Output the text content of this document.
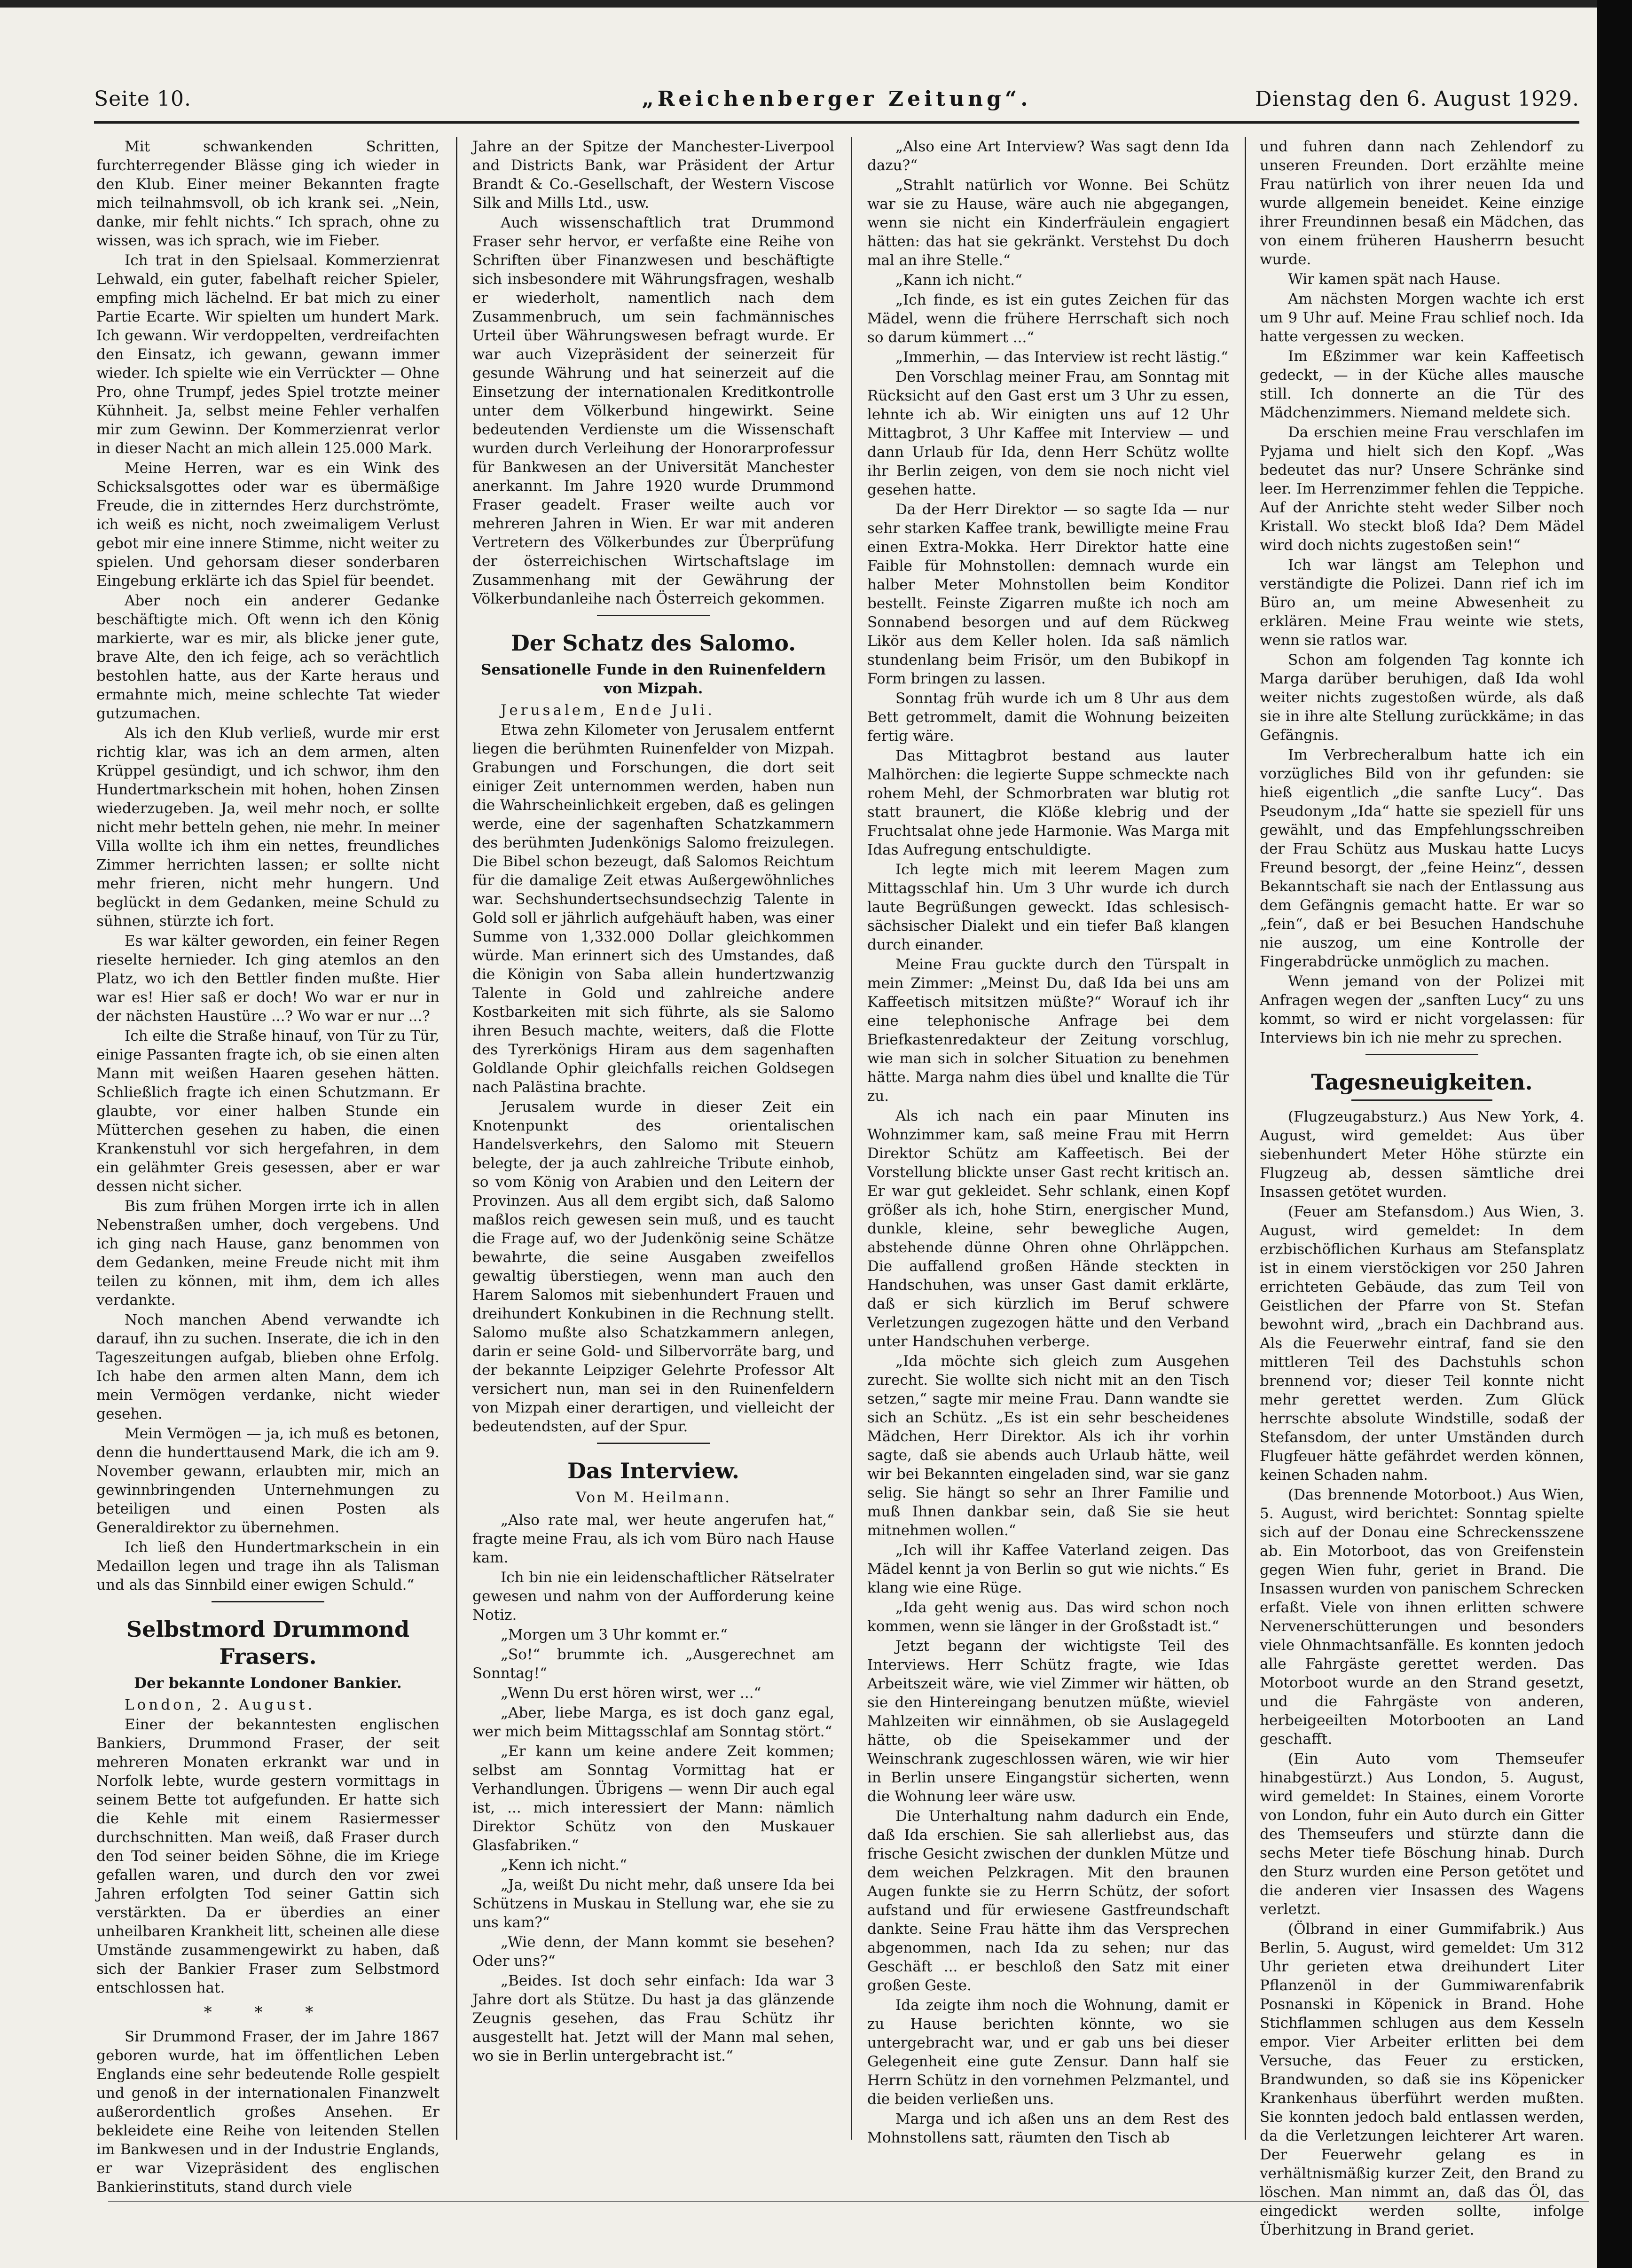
Seite 10.	„Reichenberger Zeitung“.	Dienstag den 6. August 1929.

Mit schwankenden Schritten, furchterregender Blässe ging ich wieder in den Klub. Einer meiner Bekannten fragte mich teilnahmsvoll, ob ich krank sei. „Nein, danke, mir fehlt nichts.“ Ich sprach, ohne zu wissen, was ich sprach, wie im Fieber.

Ich trat in den Spielsaal. Kommerzienrat Lehwald, ein guter, fabelhaft reicher Spieler, empfing mich lächelnd. Er bat mich zu einer Partie Ecarte. Wir spielten um hundert Mark. Ich gewann. Wir verdoppelten, verdreifachten den Einsatz, ich gewann, gewann immer wieder. Ich spielte wie ein Verrückter — Ohne Pro, ohne Trumpf, jedes Spiel trotzte meiner Kühnheit. Ja, selbst meine Fehler verhalfen mir zum Gewinn. Der Kommerzienrat verlor in dieser Nacht an mich allein 125.000 Mark.

Meine Herren, war es ein Wink des Schicksalsgottes oder war es übermäßige Freude, die in zitterndes Herz durchströmte, ich weiß es nicht, noch zweimaligem Verlust gebot mir eine innere Stimme, nicht weiter zu spielen. Und gehorsam dieser sonderbaren Eingebung erklärte ich das Spiel für beendet.

Aber noch ein anderer Gedanke beschäftigte mich. Oft wenn ich den König markierte, war es mir, als blicke jener gute, brave Alte, den ich feige, ach so verächtlich bestohlen hatte, aus der Karte heraus und ermahnte mich, meine schlechte Tat wieder gutzumachen.

Als ich den Klub verließ, wurde mir erst richtig klar, was ich an dem armen, alten Krüppel gesündigt, und ich schwor, ihm den Hundertmarkschein mit hohen, hohen Zinsen wiederzugeben. Ja, weil mehr noch, er sollte nicht mehr betteln gehen, nie mehr. In meiner Villa wollte ich ihm ein nettes, freundliches Zimmer herrichten lassen; er sollte nicht mehr frieren, nicht mehr hungern. Und beglückt in dem Gedanken, meine Schuld zu sühnen, stürzte ich fort.

Es war kälter geworden, ein feiner Regen rieselte hernieder. Ich ging atemlos an den Platz, wo ich den Bettler finden mußte. Hier war es! Hier saß er doch! Wo war er nur in der nächsten Haustüre ...? Wo war er nur ...?

Ich eilte die Straße hinauf, von Tür zu Tür, einige Passanten fragte ich, ob sie einen alten Mann mit weißen Haaren gesehen hätten. Schließlich fragte ich einen Schutzmann. Er glaubte, vor einer halben Stunde ein Mütterchen gesehen zu haben, die einen Krankenstuhl vor sich hergefahren, in dem ein gelähmter Greis gesessen, aber er war dessen nicht sicher.

Bis zum frühen Morgen irrte ich in allen Nebenstraßen umher, doch vergebens. Und ich ging nach Hause, ganz benommen von dem Gedanken, meine Freude nicht mit ihm teilen zu können, mit ihm, dem ich alles verdankte.

Noch manchen Abend verwandte ich darauf, ihn zu suchen. Inserate, die ich in den Tageszeitungen aufgab, blieben ohne Erfolg. Ich habe den armen alten Mann, dem ich mein Vermögen verdanke, nicht wieder gesehen.

Mein Vermögen — ja, ich muß es betonen, denn die hunderttausend Mark, die ich am 9. November gewann, erlaubten mir, mich an gewinnbringenden Unternehmungen zu beteiligen und einen Posten als Generaldirektor zu übernehmen.

Ich ließ den Hundertmarkschein in ein Medaillon legen und trage ihn als Talisman und als das Sinnbild einer ewigen Schuld.“

Selbstmord Drummond Frasers.
Der bekannte Londoner Bankier.

London, 2. August.

Einer der bekanntesten englischen Bankiers, Drummond Fraser, der seit mehreren Monaten erkrankt war und in Norfolk lebte, wurde gestern vormittags in seinem Bette tot aufgefunden. Er hatte sich die Kehle mit einem Rasiermesser durchschnitten. Man weiß, daß Fraser durch den Tod seiner beiden Söhne, die im Kriege gefallen waren, und durch den vor zwei Jahren erfolgten Tod seiner Gattin sich verstärkten. Da er überdies an einer unheilbaren Krankheit litt, scheinen alle diese Umstände zusammengewirkt zu haben, daß sich der Bankier Fraser zum Selbstmord entschlossen hat.

* * *

Sir Drummond Fraser, der im Jahre 1867 geboren wurde, hat im öffentlichen Leben Englands eine sehr bedeutende Rolle gespielt und genoß in der internationalen Finanzwelt außerordentlich großes Ansehen. Er bekleidete eine Reihe von leitenden Stellen im Bankwesen und in der Industrie Englands, er war Vizepräsident des englischen Bankierinstituts, stand durch viele

Jahre an der Spitze der Manchester-Liverpool and Districts Bank, war Präsident der Artur Brandt & Co.-Gesellschaft, der Western Viscose Silk and Mills Ltd., usw.

Auch wissenschaftlich trat Drummond Fraser sehr hervor, er verfaßte eine Reihe von Schriften über Finanzwesen und beschäftigte sich insbesondere mit Währungsfragen, weshalb er wiederholt, namentlich nach dem Zusammenbruch, um sein fachmännisches Urteil über Währungswesen befragt wurde. Er war auch Vizepräsident der seinerzeit für gesunde Währung und hat seinerzeit auf die Einsetzung der internationalen Kreditkontrolle unter dem Völkerbund hingewirkt. Seine bedeutenden Verdienste um die Wissenschaft wurden durch Verleihung der Honorarprofessur für Bankwesen an der Universität Manchester anerkannt. Im Jahre 1920 wurde Drummond Fraser geadelt. Fraser weilte auch vor mehreren Jahren in Wien. Er war mit anderen Vertretern des Völkerbundes zur Überprüfung der österreichischen Wirtschaftslage im Zusammenhang mit der Gewährung der Völkerbundanleihe nach Österreich gekommen.

Der Schatz des Salomo.
Sensationelle Funde in den Ruinenfeldern von Mizpah.

Jerusalem, Ende Juli.

Etwa zehn Kilometer von Jerusalem entfernt liegen die berühmten Ruinenfelder von Mizpah. Grabungen und Forschungen, die dort seit einiger Zeit unternommen werden, haben nun die Wahrscheinlichkeit ergeben, daß es gelingen werde, eine der sagenhaften Schatzkammern des berühmten Judenkönigs Salomo freizulegen. Die Bibel schon bezeugt, daß Salomos Reichtum für die damalige Zeit etwas Außergewöhnliches war. Sechshundertsechsundsechzig Talente in Gold soll er jährlich aufgehäuft haben, was einer Summe von 1,332.000 Dollar gleichkommen würde. Man erinnert sich des Umstandes, daß die Königin von Saba allein hundertzwanzig Talente in Gold und zahlreiche andere Kostbarkeiten mit sich führte, als sie Salomo ihren Besuch machte, weiters, daß die Flotte des Tyrerkönigs Hiram aus dem sagenhaften Goldlande Ophir gleichfalls reichen Goldsegen nach Palästina brachte.

Jerusalem wurde in dieser Zeit ein Knotenpunkt des orientalischen Handelsverkehrs, den Salomo mit Steuern belegte, der ja auch zahlreiche Tribute einhob, so vom König von Arabien und den Leitern der Provinzen. Aus all dem ergibt sich, daß Salomo maßlos reich gewesen sein muß, und es taucht die Frage auf, wo der Judenkönig seine Schätze bewahrte, die seine Ausgaben zweifellos gewaltig überstiegen, wenn man auch den Harem Salomos mit siebenhundert Frauen und dreihundert Konkubinen in die Rechnung stellt. Salomo mußte also Schatzkammern anlegen, darin er seine Gold- und Silbervorräte barg, und der bekannte Leipziger Gelehrte Professor Alt versichert nun, man sei in den Ruinenfeldern von Mizpah einer derartigen, und vielleicht der bedeutendsten, auf der Spur.

Das Interview.
Von M. Heilmann.

„Also rate mal, wer heute angerufen hat,“ fragte meine Frau, als ich vom Büro nach Hause kam.

Ich bin nie ein leidenschaftlicher Rätselrater gewesen und nahm von der Aufforderung keine Notiz.

„Morgen um 3 Uhr kommt er.“

„So!“ brummte ich. „Ausgerechnet am Sonntag!“

„Wenn Du erst hören wirst, wer ...“

„Aber, liebe Marga, es ist doch ganz egal, wer mich beim Mittagsschlaf am Sonntag stört.“

„Er kann um keine andere Zeit kommen; selbst am Sonntag Vormittag hat er Verhandlungen. Übrigens — wenn Dir auch egal ist, ... mich interessiert der Mann: nämlich Direktor Schütz von den Muskauer Glasfabriken.“

„Kenn ich nicht.“

„Ja, weißt Du nicht mehr, daß unsere Ida bei Schützens in Muskau in Stellung war, ehe sie zu uns kam?“

„Wie denn, der Mann kommt sie besehen? Oder uns?“

„Beides. Ist doch sehr einfach: Ida war 3 Jahre dort als Stütze. Du hast ja das glänzende Zeugnis gesehen, das Frau Schütz ihr ausgestellt hat. Jetzt will der Mann mal sehen, wo sie in Berlin untergebracht ist.“

„Also eine Art Interview? Was sagt denn Ida dazu?“

„Strahlt natürlich vor Wonne. Bei Schütz war sie zu Hause, wäre auch nie abgegangen, wenn sie nicht ein Kinderfräulein engagiert hätten: das hat sie gekränkt. Verstehst Du doch mal an ihre Stelle.“

„Kann ich nicht.“

„Ich finde, es ist ein gutes Zeichen für das Mädel, wenn die frühere Herrschaft sich noch so darum kümmert ...“

„Immerhin, — das Interview ist recht lästig.“

Den Vorschlag meiner Frau, am Sonntag mit Rücksicht auf den Gast erst um 3 Uhr zu essen, lehnte ich ab. Wir einigten uns auf 12 Uhr Mittagbrot, 3 Uhr Kaffee mit Interview — und dann Urlaub für Ida, denn Herr Schütz wollte ihr Berlin zeigen, von dem sie noch nicht viel gesehen hatte.

Da der Herr Direktor — so sagte Ida — nur sehr starken Kaffee trank, bewilligte meine Frau einen Extra-Mokka. Herr Direktor hatte eine Faible für Mohnstollen: demnach wurde ein halber Meter Mohnstollen beim Konditor bestellt. Feinste Zigarren mußte ich noch am Sonnabend besorgen und auf dem Rückweg Likör aus dem Keller holen. Ida saß nämlich stundenlang beim Frisör, um den Bubikopf in Form bringen zu lassen.

Sonntag früh wurde ich um 8 Uhr aus dem Bett getrommelt, damit die Wohnung beizeiten fertig wäre.

Das Mittagbrot bestand aus lauter Malhörchen: die legierte Suppe schmeckte nach rohem Mehl, der Schmorbraten war blutig rot statt braunert, die Klöße klebrig und der Fruchtsalat ohne jede Harmonie. Was Marga mit Idas Aufregung entschuldigte.

Ich legte mich mit leerem Magen zum Mittagsschlaf hin. Um 3 Uhr wurde ich durch laute Begrüßungen geweckt. Idas schlesisch-sächsischer Dialekt und ein tiefer Baß klangen durch einander.

Meine Frau guckte durch den Türspalt in mein Zimmer: „Meinst Du, daß Ida bei uns am Kaffeetisch mitsitzen müßte?“ Worauf ich ihr eine telephonische Anfrage bei dem Briefkastenredakteur der Zeitung vorschlug, wie man sich in solcher Situation zu benehmen hätte. Marga nahm dies übel und knallte die Tür zu.

Als ich nach ein paar Minuten ins Wohnzimmer kam, saß meine Frau mit Herrn Direktor Schütz am Kaffeetisch. Bei der Vorstellung blickte unser Gast recht kritisch an. Er war gut gekleidet. Sehr schlank, einen Kopf größer als ich, hohe Stirn, energischer Mund, dunkle, kleine, sehr bewegliche Augen, abstehende dünne Ohren ohne Ohrläppchen. Die auffallend großen Hände steckten in Handschuhen, was unser Gast damit erklärte, daß er sich kürzlich im Beruf schwere Verletzungen zugezogen hätte und den Verband unter Handschuhen verberge.

„Ida möchte sich gleich zum Ausgehen zurecht. Sie wollte sich nicht mit an den Tisch setzen,“ sagte mir meine Frau. Dann wandte sie sich an Schütz. „Es ist ein sehr bescheidenes Mädchen, Herr Direktor. Als ich ihr vorhin sagte, daß sie abends auch Urlaub hätte, weil wir bei Bekannten eingeladen sind, war sie ganz selig. Sie hängt so sehr an Ihrer Familie und muß Ihnen dankbar sein, daß Sie sie heut mitnehmen wollen.“

„Ich will ihr Kaffee Vaterland zeigen. Das Mädel kennt ja von Berlin so gut wie nichts.“ Es klang wie eine Rüge.

„Ida geht wenig aus. Das wird schon noch kommen, wenn sie länger in der Großstadt ist.“

Jetzt begann der wichtigste Teil des Interviews. Herr Schütz fragte, wie Idas Arbeitszeit wäre, wie viel Zimmer wir hätten, ob sie den Hintereingang benutzen müßte, wieviel Mahlzeiten wir einnähmen, ob sie Auslagegeld hätte, ob die Speisekammer und der Weinschrank zugeschlossen wären, wie wir hier in Berlin unsere Eingangstür sicherten, wenn die Wohnung leer wäre usw.

Die Unterhaltung nahm dadurch ein Ende, daß Ida erschien. Sie sah allerliebst aus, das frische Gesicht zwischen der dunklen Mütze und dem weichen Pelzkragen. Mit den braunen Augen funkte sie zu Herrn Schütz, der sofort aufstand und für erwiesene Gastfreundschaft dankte. Seine Frau hätte ihm das Versprechen abgenommen, nach Ida zu sehen; nur das Geschäft ... er beschloß den Satz mit einer großen Geste.

Ida zeigte ihm noch die Wohnung, damit er zu Hause berichten könnte, wo sie untergebracht war, und er gab uns bei dieser Gelegenheit eine gute Zensur. Dann half sie Herrn Schütz in den vornehmen Pelzmantel, und die beiden verließen uns.

Marga und ich aßen uns an dem Rest des Mohnstollens satt, räumten den Tisch ab

und fuhren dann nach Zehlendorf zu unseren Freunden. Dort erzählte meine Frau natürlich von ihrer neuen Ida und wurde allgemein beneidet. Keine einzige ihrer Freundinnen besaß ein Mädchen, das von einem früheren Hausherrn besucht wurde.

Wir kamen spät nach Hause.

Am nächsten Morgen wachte ich erst um 9 Uhr auf. Meine Frau schlief noch. Ida hatte vergessen zu wecken.

Im Eßzimmer war kein Kaffeetisch gedeckt, — in der Küche alles mausche still. Ich donnerte an die Tür des Mädchenzimmers. Niemand meldete sich.

Da erschien meine Frau verschlafen im Pyjama und hielt sich den Kopf. „Was bedeutet das nur? Unsere Schränke sind leer. Im Herrenzimmer fehlen die Teppiche. Auf der Anrichte steht weder Silber noch Kristall. Wo steckt bloß Ida? Dem Mädel wird doch nichts zugestoßen sein!“

Ich war längst am Telephon und verständigte die Polizei. Dann rief ich im Büro an, um meine Abwesenheit zu erklären. Meine Frau weinte wie stets, wenn sie ratlos war.

Schon am folgenden Tag konnte ich Marga darüber beruhigen, daß Ida wohl weiter nichts zugestoßen würde, als daß sie in ihre alte Stellung zurückkäme; in das Gefängnis.

Im Verbrecheralbum hatte ich ein vorzügliches Bild von ihr gefunden: sie hieß eigentlich „die sanfte Lucy“. Das Pseudonym „Ida“ hatte sie speziell für uns gewählt, und das Empfehlungsschreiben der Frau Schütz aus Muskau hatte Lucys Freund besorgt, der „feine Heinz“, dessen Bekanntschaft sie nach der Entlassung aus dem Gefängnis gemacht hatte. Er war so „fein“, daß er bei Besuchen Handschuhe nie auszog, um eine Kontrolle der Fingerabdrücke unmöglich zu machen.

Wenn jemand von der Polizei mit Anfragen wegen der „sanften Lucy“ zu uns kommt, so wird er nicht vorgelassen: für Interviews bin ich nie mehr zu sprechen.

Tagesneuigkeiten.

(Flugzeugabsturz.) Aus New York, 4. August, wird gemeldet: Aus über siebenhundert Meter Höhe stürzte ein Flugzeug ab, dessen sämtliche drei Insassen getötet wurden.

(Feuer am Stefansdom.) Aus Wien, 3. August, wird gemeldet: In dem erzbischöflichen Kurhaus am Stefansplatz ist in einem vierstöckigen vor 250 Jahren errichteten Gebäude, das zum Teil von Geistlichen der Pfarre von St. Stefan bewohnt wird, „brach ein Dachbrand aus. Als die Feuerwehr eintraf, fand sie den mittleren Teil des Dachstuhls schon brennend vor; dieser Teil konnte nicht mehr gerettet werden. Zum Glück herrschte absolute Windstille, sodaß der Stefansdom, der unter Umständen durch Flugfeuer hätte gefährdet werden können, keinen Schaden nahm.

(Das brennende Motorboot.) Aus Wien, 5. August, wird berichtet: Sonntag spielte sich auf der Donau eine Schreckensszene ab. Ein Motorboot, das von Greifenstein gegen Wien fuhr, geriet in Brand. Die Insassen wurden von panischem Schrecken erfaßt. Viele von ihnen erlitten schwere Nervenerschütterungen und besonders viele Ohnmachtsanfälle. Es konnten jedoch alle Fahrgäste gerettet werden. Das Motorboot wurde an den Strand gesetzt, und die Fahrgäste von anderen, herbeigeeilten Motorbooten an Land geschafft.

(Ein Auto vom Themseufer hinabgestürzt.) Aus London, 5. August, wird gemeldet: In Staines, einem Vororte von London, fuhr ein Auto durch ein Gitter des Themseufers und stürzte dann die sechs Meter tiefe Böschung hinab. Durch den Sturz wurden eine Person getötet und die anderen vier Insassen des Wagens verletzt.

(Ölbrand in einer Gummifabrik.) Aus Berlin, 5. August, wird gemeldet: Um 312 Uhr gerieten etwa dreihundert Liter Pflanzenöl in der Gummiwarenfabrik Posnanski in Köpenick in Brand. Hohe Stichflammen schlugen aus dem Kesseln empor. Vier Arbeiter erlitten bei dem Versuche, das Feuer zu ersticken, Brandwunden, so daß sie ins Köpenicker Krankenhaus überführt werden mußten. Sie konnten jedoch bald entlassen werden, da die Verletzungen leichterer Art waren. Der Feuerwehr gelang es in verhältnismäßig kurzer Zeit, den Brand zu löschen. Man nimmt an, daß das Öl, das eingedickt werden sollte, infolge Überhitzung in Brand geriet.
